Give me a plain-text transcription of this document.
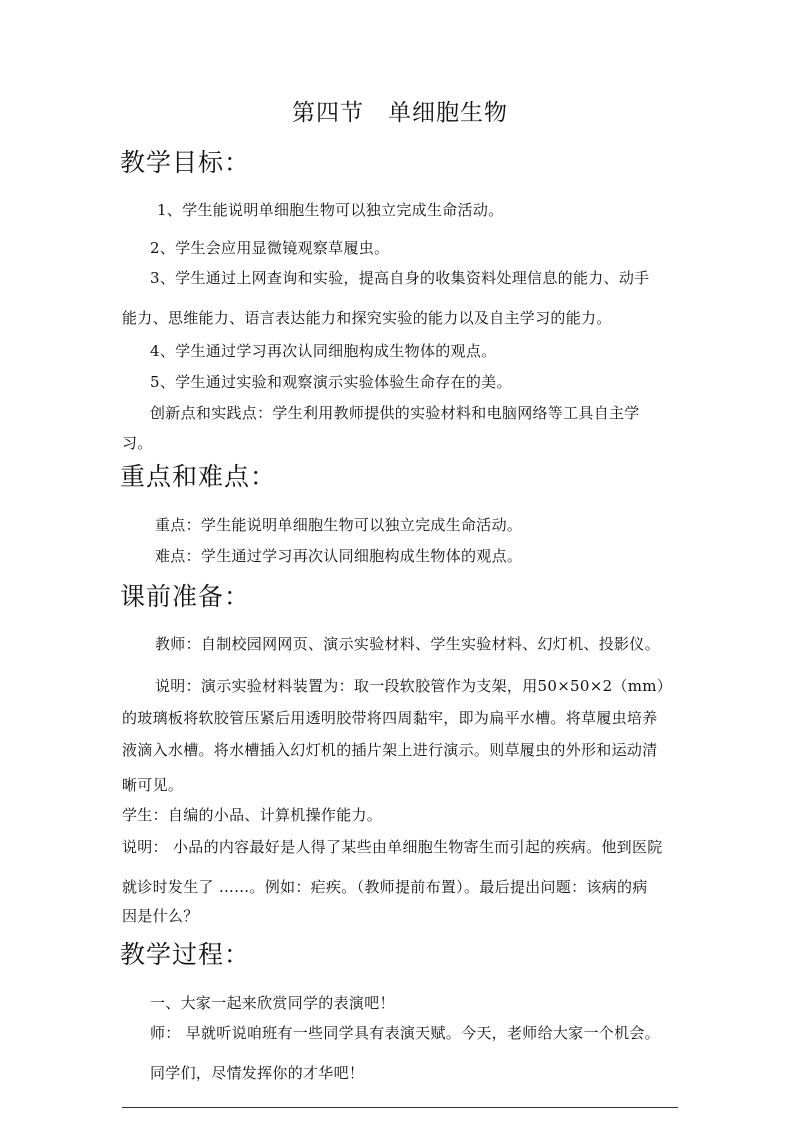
第四节　单细胞生物
教学目标：
1、学生能说明单细胞生物可以独立完成生命活动。
2、学生会应用显微镜观察草履虫。
3、学生通过上网查询和实验，提高自身的收集资料处理信息的能力、动手
能力、思维能力、语言表达能力和探究实验的能力以及自主学习的能力。
4、学生通过学习再次认同细胞构成生物体的观点。
5、学生通过实验和观察演示实验体验生命存在的美。
创新点和实践点：学生利用教师提供的实验材料和电脑网络等工具自主学
习。
重点和难点：
重点：学生能说明单细胞生物可以独立完成生命活动。
难点：学生通过学习再次认同细胞构成生物体的观点。
课前准备：
教师：自制校园网网页、演示实验材料、学生实验材料、幻灯机、投影仪。
说明：演示实验材料装置为：取一段软胶管作为支架，用50×50×2（mm）
的玻璃板将软胶管压紧后用透明胶带将四周黏牢，即为扁平水槽。将草履虫培养
液滴入水槽。将水槽插入幻灯机的插片架上进行演示。则草履虫的外形和运动清
晰可见。
学生：自编的小品、计算机操作能力。
说明： 小品的内容最好是人得了某些由单细胞生物寄生而引起的疾病。他到医院
就诊时发生了 ……。例如：疟疾。（教师提前布置）。最后提出问题：该病的病
因是什么？
教学过程：
一、大家一起来欣赏同学的表演吧！
师： 早就听说咱班有一些同学具有表演天赋。今天，老师给大家一个机会。
同学们，尽情发挥你的才华吧！
